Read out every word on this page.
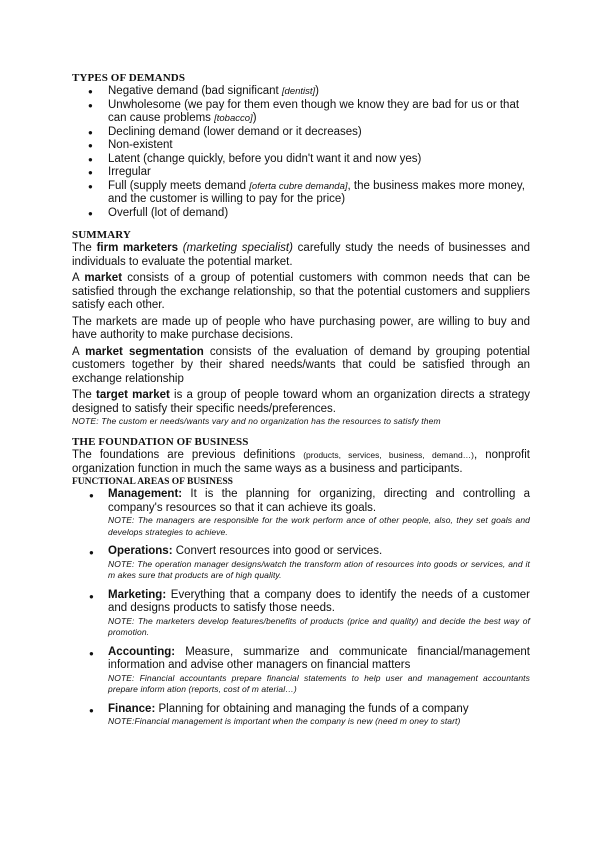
TYPES OF DEMANDS
● Negative demand (bad significant [dentist])
● Unwholesome (we pay for them even though we know they are bad for us or that can cause problems [tobacco])
● Declining demand (lower demand or it decreases)
● Non-existent
● Latent (change quickly, before you didn't want it and now yes)
● Irregular
● Full (supply meets demand [oferta cubre demanda], the business makes more money, and the customer is willing to pay for the price)
● Overfull (lot of demand)
SUMMARY

The firm marketers (marketing specialist) carefully study the needs of businesses and individuals to evaluate the potential market.

A market consists of a group of potential customers with common needs that can be satisfied through the exchange relationship, so that the potential customers and suppliers satisfy each other.

The markets are made up of people who have purchasing power, are willing to buy and have authority to make purchase decisions.

A market segmentation consists of the evaluation of demand by grouping potential customers together by their shared needs/wants that could be satisfied through an exchange relationship

The target market is a group of people toward whom an organization directs a strategy designed to satisfy their specific needs/preferences.

NOTE: The custom er needs/wants vary and no organization has the resources to satisfy them

THE FOUNDATION OF BUSINESS

The foundations are previous definitions (products, services, business, demand…), nonprofit organization function in much the same ways as a business and participants.

FUNCTIONAL AREAS OF BUSINESS
● Management: It is the planning for organizing, directing and controlling a company's resources so that it can achieve its goals.
NOTE: The managers are responsible for the work perform ance of other people, also, they set goals and develops strategies to achieve.
● Operations: Convert resources into good or services.
NOTE: The operation manager designs/watch the transform ation of resources into goods or services, and it m akes sure that products are of high quality.
● Marketing: Everything that a company does to identify the needs of a customer and designs products to satisfy those needs.
NOTE: The marketers develop features/benefits of products (price and quality) and decide the best way of promotion.
● Accounting: Measure, summarize and communicate financial/management information and advise other managers on financial matters
NOTE: Financial accountants prepare financial statements to help user and management accountants prepare inform ation (reports, cost of m aterial…)
● Finance: Planning for obtaining and managing the funds of a company
NOTE:Financial management is important when the company is new (need m oney to start)
